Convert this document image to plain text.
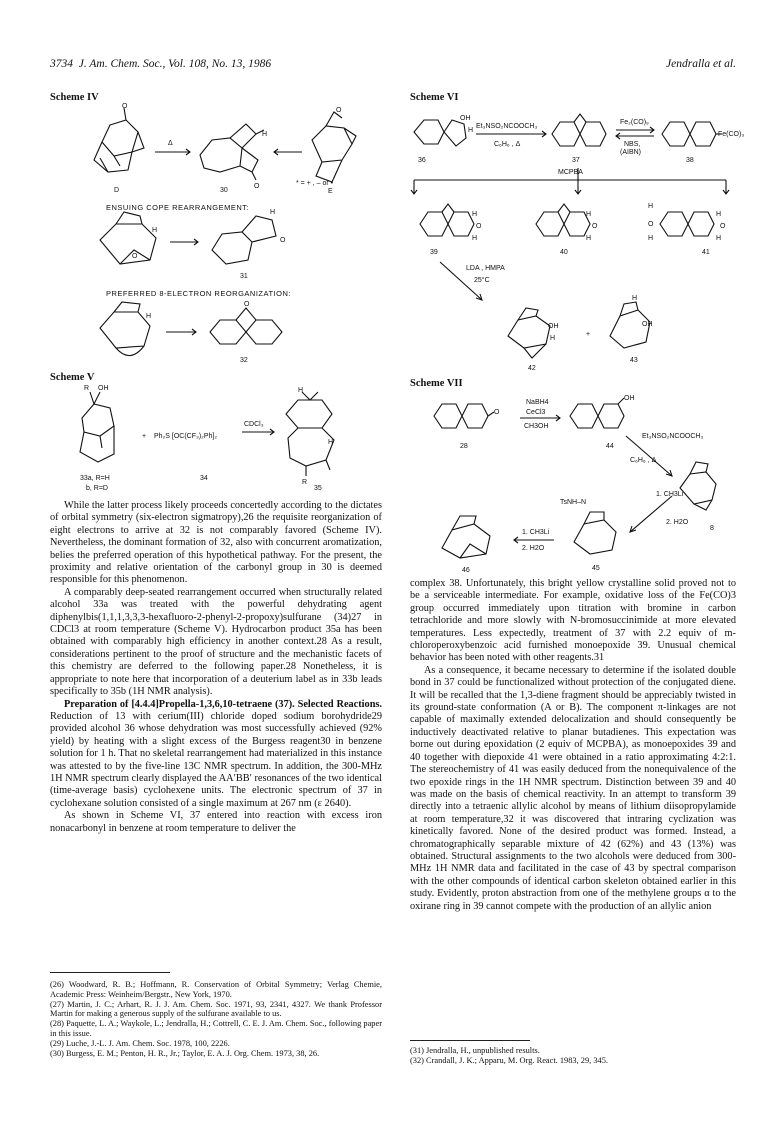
3734 J. Am. Chem. Soc., Vol. 108, No. 13, 1986	Jendralla et al.
Scheme IV
O
D
Δ
H
O
30
O
* = + , – or •
E
ENSUING COPE REARRANGEMENT:
H
O
H
O
31
PREFERRED 8-ELECTRON REORGANIZATION:
H
O
32
Scheme V
R OH
+ Ph₂S [OC(CF₃)₂Ph]₂
CDCl₃
H
H
R
33a, R=H
b, R=D
34
35
Scheme VI
OH
H
36
Et₃NSO₂NCOOCH₃
C₆H₆ , Δ
37
Fe₂(CO)₉
NBS,
(AIBN)
Fe(CO)₃
38
MCPBA
H
O
H
39
H
O
H
40
H
O
H
H
O
H
41
LDA , HMPA
25°C
OH
H
42
+
H
OH
43
Scheme VII
O
28
NaBH4
CeCl3
CH3OH
OH
44
Et₃NSO₂NCOOCH₃
C₆H₆ , Δ
8
1. CH3Li
2. H2O
TsNH–N
45
1. CH3Li
2. H2O
46

While the latter process likely proceeds concertedly according to the dictates of orbital symmetry (six-electron sigmatropy),26 the requisite reorganization of eight electrons to arrive at 32 is not comparably favored (Scheme IV). Nevertheless, the dominant formation of 32, also with concurrent aromatization, belies the preferred operation of this hypothetical pathway. For the present, the proximity and relative orientation of the carbonyl group in 30 is deemed responsible for this phenomenon.

A comparably deep-seated rearrangement occurred when structurally related alcohol 33a was treated with the powerful dehydrating agent diphenylbis(1,1,1,3,3,3-hexafluoro-2-phenyl-2-propoxy)sulfurane (34)27 in CDCl3 at room temperature (Scheme V). Hydrocarbon product 35a has been obtained with comparably high efficiency in another context.28 As a result, considerations pertinent to the proof of structure and the mechanistic facets of this chemistry are deferred to the following paper.28 Nonetheless, it is appropriate to note here that incorporation of a deuterium label as in 33b leads specifically to 35b (1H NMR analysis).

Preparation of [4.4.4]Propella-1,3,6,10-tetraene (37). Selected Reactions. Reduction of 13 with cerium(III) chloride doped sodium borohydride29 provided alcohol 36 whose dehydration was most successfully achieved (92% yield) by heating with a slight excess of the Burgess reagent30 in benzene solution for 1 h. That no skeletal rearrangement had materialized in this instance was attested to by the five-line 13C NMR spectrum. In addition, the 300-MHz 1H NMR spectrum clearly displayed the AA′BB′ resonances of the two identical (time-average basis) cyclohexene units. The electronic spectrum of 37 in cyclohexane solution consisted of a single maximum at 267 nm (ε 2640).

As shown in Scheme VI, 37 entered into reaction with excess iron nonacarbonyl in benzene at room temperature to deliver the

(26) Woodward, R. B.; Hoffmann, R. Conservation of Orbital Symmetry; Verlag Chemie, Academic Press: Weinheim/Bergstr., New York, 1970.
(27) Martin, J. C.; Arhart, R. J. J. Am. Chem. Soc. 1971, 93, 2341, 4327. We thank Professor Martin for making a generous supply of the sulfurane available to us.
(28) Paquette, L. A.; Waykole, L.; Jendralla, H.; Cottrell, C. E. J. Am. Chem. Soc., following paper in this issue.
(29) Luche, J.-L. J. Am. Chem. Soc. 1978, 100, 2226.
(30) Burgess, E. M.; Penton, H. R., Jr.; Taylor, E. A. J. Org. Chem. 1973, 38, 26.

complex 38. Unfortunately, this bright yellow crystalline solid proved not to be a serviceable intermediate. For example, oxidative loss of the Fe(CO)3 group occurred immediately upon titration with bromine in carbon tetrachloride and more slowly with N-bromosuccinimide at more elevated temperatures. Less expectedly, treatment of 37 with 2.2 equiv of m-chloroperoxybenzoic acid furnished monoepoxide 39. Unusual chemical behavior has been noted with other reagents.31

As a consequence, it became necessary to determine if the isolated double bond in 37 could be functionalized without protection of the conjugated diene. It will be recalled that the 1,3-diene fragment should be appreciably twisted in its ground-state conformation (A or B). The component π-linkages are not capable of maximally extended delocalization and should consequently be inductively deactivated relative to planar butadienes. This expectation was borne out during epoxidation (2 equiv of MCPBA), as monoepoxides 39 and 40 together with diepoxide 41 were obtained in a ratio approximating 4:2:1. The stereochemistry of 41 was easily deduced from the nonequivalence of the two epoxide rings in the 1H NMR spectrum. Distinction between 39 and 40 was made on the basis of chemical reactivity. In an attempt to transform 39 directly into a tetraenic allylic alcohol by means of lithium diisopropylamide at room temperature,32 it was discovered that intraring cyclization was kinetically favored. None of the desired product was formed. Instead, a chromatographically separable mixture of 42 (62%) and 43 (13%) was obtained. Structural assignments to the two alcohols were deduced from 300-MHz 1H NMR data and facilitated in the case of 43 by spectral comparison with the other compounds of identical carbon skeleton obtained earlier in this study. Evidently, proton abstraction from one of the methylene groups α to the oxirane ring in 39 cannot compete with the production of an allylic anion

(31) Jendralla, H., unpublished results.
(32) Crandall, J. K.; Apparu, M. Org. React. 1983, 29, 345.
